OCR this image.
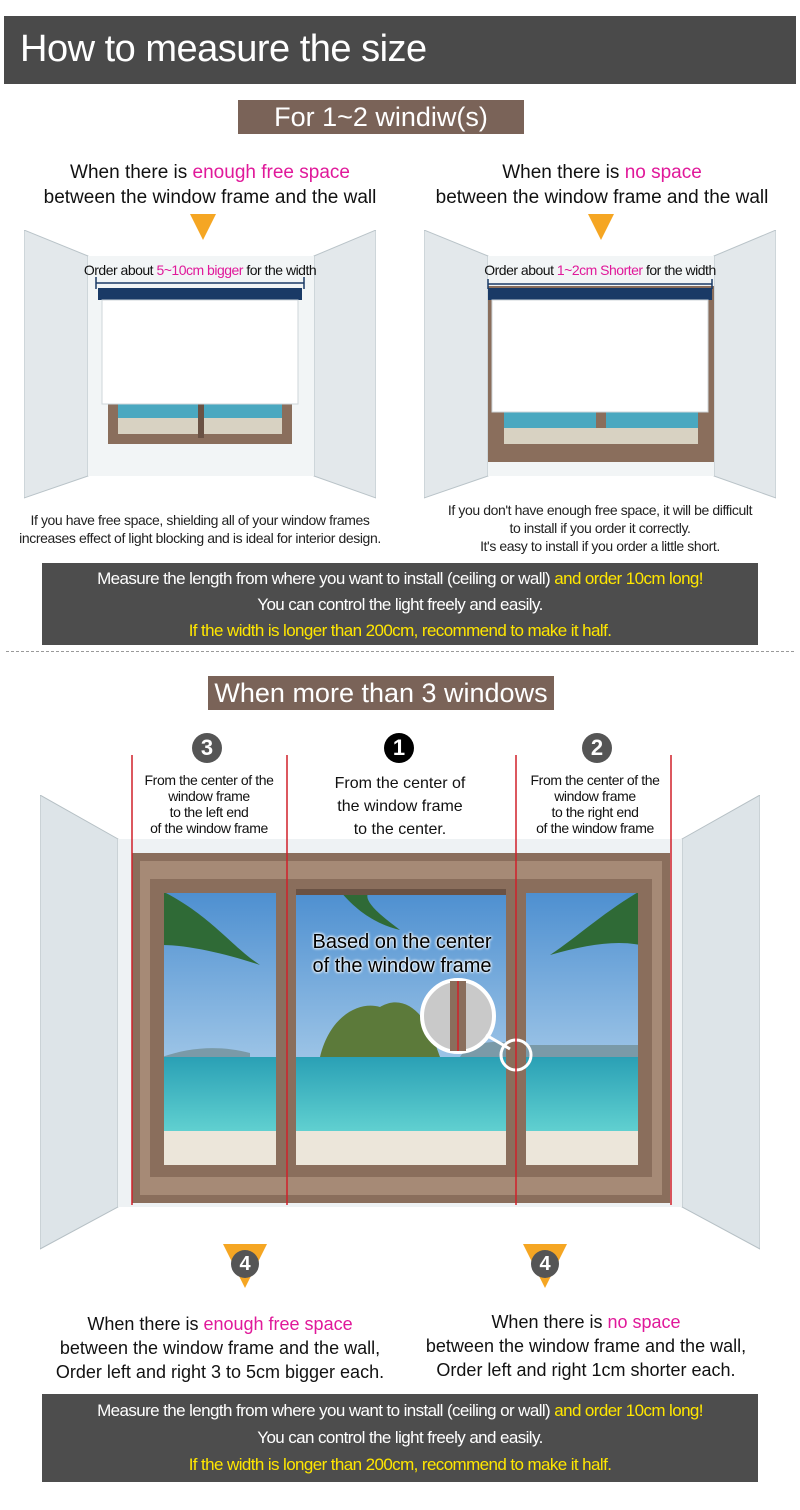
How to measure the size
For 1~2 windiw(s)
When there is enough free space
between the window frame and the wall
When there is no space
between the window frame and the wall
Order about 5~10cm bigger for the width	Order about 1~2cm Shorter for the width
If you have free space, shielding all of your window frames
increases effect of light blocking and is ideal for interior design.
If you don't have enough free space, it will be difficult
to install if you order it correctly.
It's easy to install if you order a little short.
Measure the length from where you want to install (ceiling or wall) and order 10cm long!
You can control the light freely and easily.
If the width is longer than 200cm, recommend to make it half.
When more than 3 windows
3	1	2
From the center of the
window frame
to the left end
of the window frame
From the center of
the window frame
to the center.
From the center of the
window frame
to the right end
of the window frame
Based on the center
of the window frame
4	4
When there is enough free space
between the window frame and the wall,
Order left and right 3 to 5cm bigger each.
When there is no space
between the window frame and the wall,
Order left and right 1cm shorter each.
Measure the length from where you want to install (ceiling or wall) and order 10cm long!
You can control the light freely and easily.
If the width is longer than 200cm, recommend to make it half.
